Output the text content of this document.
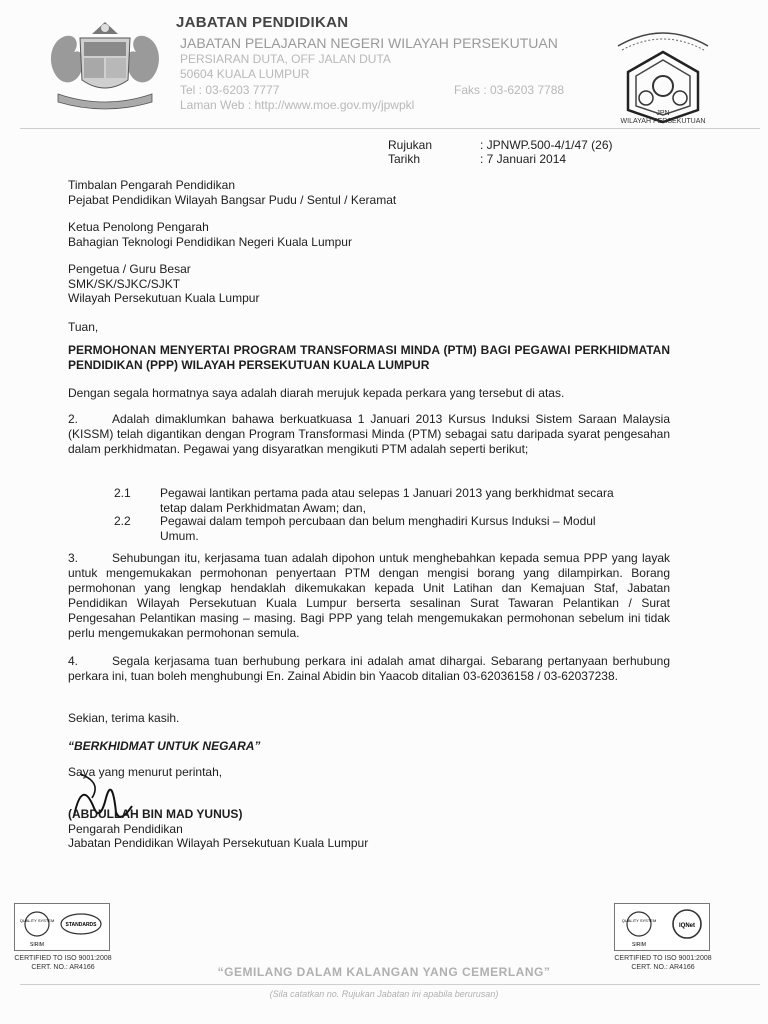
JPN
WILAYAH PERSEKUTUAN
JABATAN PENDIDIKAN
JABATAN PELAJARAN NEGERI WILAYAH PERSEKUTUAN
PERSIARAN DUTA, OFF JALAN DUTA
50604 KUALA LUMPUR
Tel : 03-6203 7777	Faks : 03-6203 7788
Laman Web : http://www.moe.gov.my/jpwpkl
Rujukan	: JPNWP.500-4/1/47 (26)
Tarikh	: 7 Januari 2014
Timbalan Pengarah Pendidikan
Pejabat Pendidikan Wilayah Bangsar Pudu / Sentul / Keramat
Ketua Penolong Pengarah
Bahagian Teknologi Pendidikan Negeri Kuala Lumpur
Pengetua / Guru Besar
SMK/SK/SJKC/SJKT
Wilayah Persekutuan Kuala Lumpur
Tuan,
PERMOHONAN MENYERTAI PROGRAM TRANSFORMASI MINDA (PTM) BAGI PEGAWAI PERKHIDMATAN PENDIDIKAN (PPP) WILAYAH PERSEKUTUAN KUALA LUMPUR
Dengan segala hormatnya saya adalah diarah merujuk kepada perkara yang tersebut di atas.
2.	Adalah dimaklumkan bahawa berkuatkuasa 1 Januari 2013 Kursus Induksi Sistem Saraan Malaysia (KISSM) telah digantikan dengan Program Transformasi Minda (PTM) sebagai satu daripada syarat pengesahan dalam perkhidmatan. Pegawai yang disyaratkan mengikuti PTM adalah seperti berikut;
2.1 Pegawai lantikan pertama pada atau selepas 1 Januari 2013 yang berkhidmat secara tetap dalam Perkhidmatan Awam; dan,
2.2 Pegawai dalam tempoh percubaan dan belum menghadiri Kursus Induksi – Modul Umum.
3.	Sehubungan itu, kerjasama tuan adalah dipohon untuk menghebahkan kepada semua PPP yang layak untuk mengemukakan permohonan penyertaan PTM dengan mengisi borang yang dilampirkan. Borang permohonan yang lengkap hendaklah dikemukakan kepada Unit Latihan dan Kemajuan Staf, Jabatan Pendidikan Wilayah Persekutuan Kuala Lumpur berserta sesalinan Surat Tawaran Pelantikan / Surat Pengesahan Pelantikan masing – masing. Bagi PPP yang telah mengemukakan permohonan sebelum ini tidak perlu mengemukakan permohonan semula.
4.	Segala kerjasama tuan berhubung perkara ini adalah amat dihargai. Sebarang pertanyaan berhubung perkara ini, tuan boleh menghubungi En. Zainal Abidin bin Yaacob ditalian 03-62036158 / 03-62037238.
Sekian, terima kasih.
“BERKHIDMAT UNTUK NEGARA”
Saya yang menurut perintah,
(ABDULLAH BIN MAD YUNUS)
Pengarah Pendidikan
Jabatan Pendidikan Wilayah Persekutuan Kuala Lumpur
QUALITY SYSTEM
STANDARDS
SIRIM
CERTIFIED TO ISO 9001:2008
CERT. NO.: AR4166
QUALITY SYSTEM
IQNet
SIRIM
CERTIFIED TO ISO 9001:2008
CERT. NO.: AR4166
“GEMILANG DALAM KALANGAN YANG CEMERLANG”
(Sila catatkan no. Rujukan Jabatan ini apabila berurusan)
